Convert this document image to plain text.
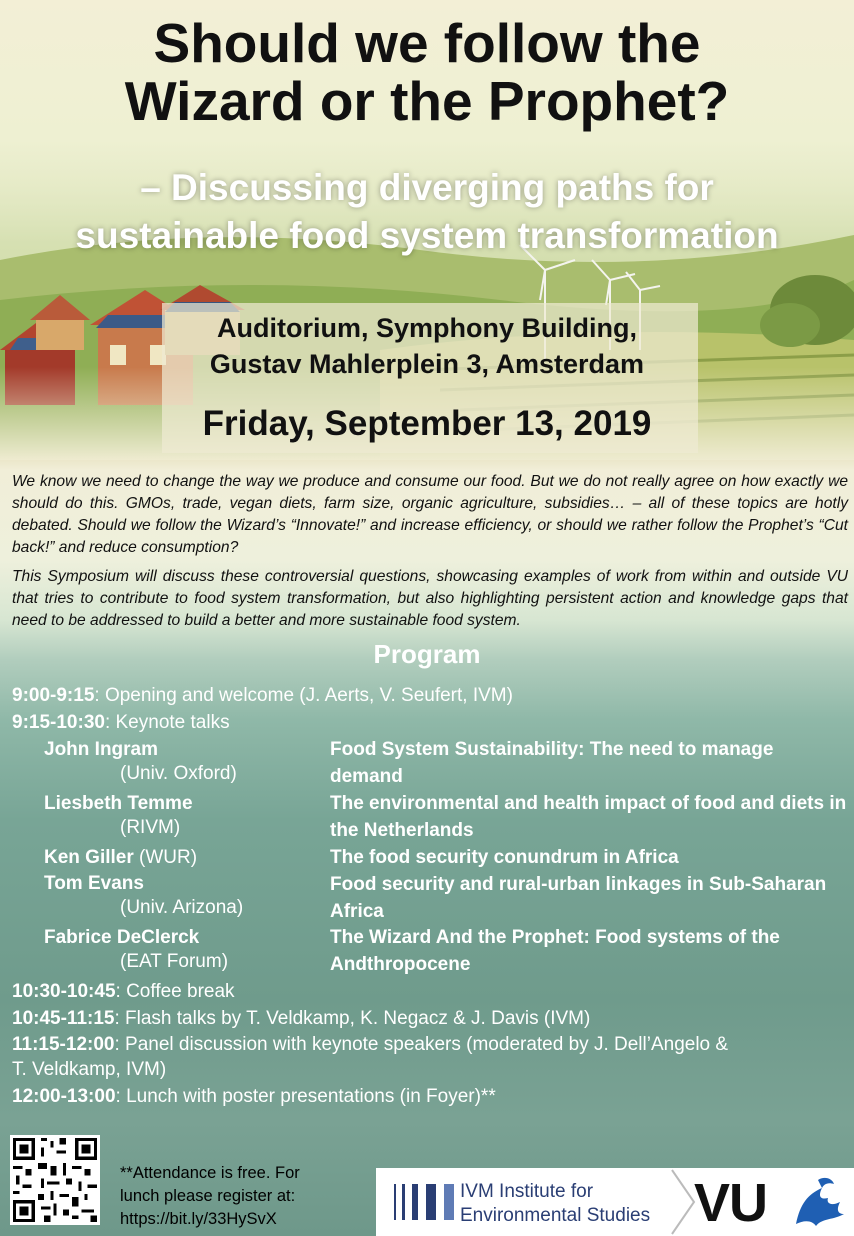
Should we follow the
Wizard or the Prophet?
– Discussing diverging paths for
sustainable food system transformation
Auditorium, Symphony Building,
Gustav Mahlerplein 3, Amsterdam
Friday, September 13, 2019

We know we need to change the way we produce and consume our food. But we do not really agree on how exactly we should do this. GMOs, trade, vegan diets, farm size, organic agriculture, subsidies… – all of these topics are hotly debated. Should we follow the Wizard’s “Innovate!” and increase efficiency, or should we rather follow the Prophet’s “Cut back!” and reduce consumption?

This Symposium will discuss these controversial questions, showcasing examples of work from within and outside VU that tries to contribute to food system transformation, but also highlighting persistent action and knowledge gaps that need to be addressed to build a better and more sustainable food system.

Program
9:00-9:15: Opening and welcome (J. Aerts, V. Seufert, IVM)
9:15-10:30: Keynote talks
John Ingram
(Univ. Oxford)
Food System Sustainability: The need to manage demand
Liesbeth Temme
(RIVM)
The environmental and health impact of food and diets in the Netherlands
Ken Giller (WUR)	The food security conundrum in Africa
Tom Evans
(Univ. Arizona)
Food security and rural-urban linkages in Sub-Saharan Africa
Fabrice DeClerck
(EAT Forum)
The Wizard And the Prophet: Food systems of the Andthropocene
10:30-10:45: Coffee break
10:45-11:15: Flash talks by T. Veldkamp, K. Negacz & J. Davis (IVM)
11:15-12:00: Panel discussion with keynote speakers (moderated by J. Dell’Angelo &
T. Veldkamp, IVM)
12:00-13:00: Lunch with poster presentations (in Foyer)**
**Attendance is free. For
lunch please register at:
https://bit.ly/33HySvX
IVM Institute for
Environmental Studies VU
